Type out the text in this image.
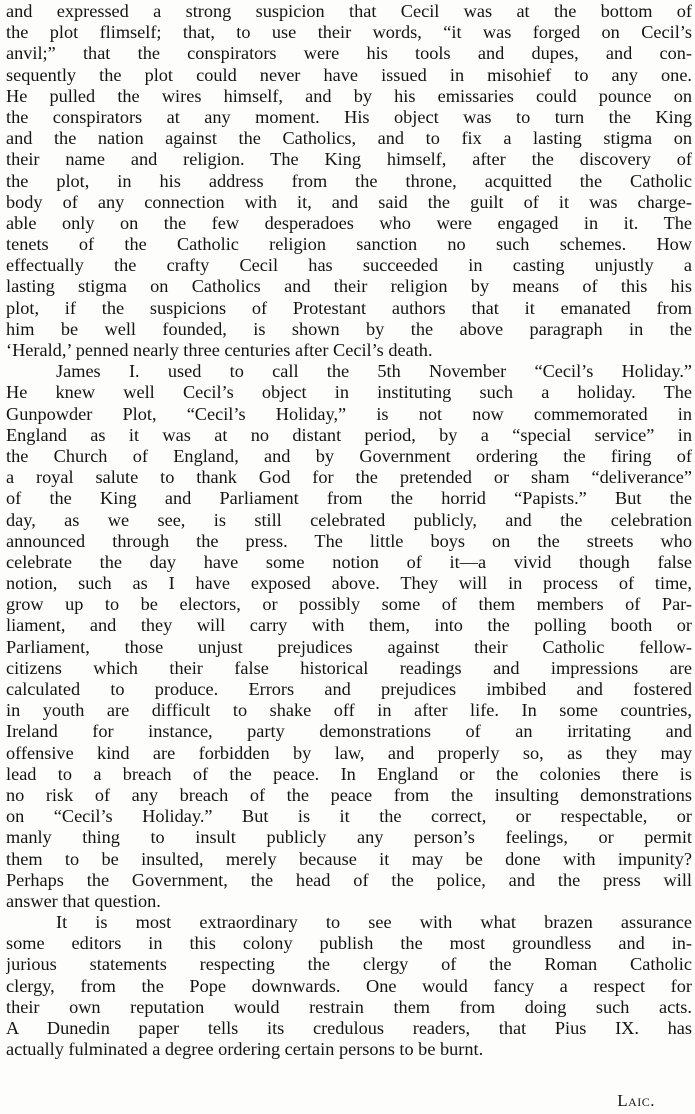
and expressed a strong suspicion that Cecil was at the bottom of
the plot flimself; that, to use their words, “it was forged on Cecil’s
anvil;” that the conspirators were his tools and dupes, and con-
sequently the plot could never have issued in misohief to any one.
He pulled the wires himself, and by his emissaries could pounce on
the conspirators at any moment. His object was to turn the King
and the nation against the Catholics, and to fix a lasting stigma on
their name and religion. The King himself, after the discovery of
the plot, in his address from the throne, acquitted the Catholic
body of any connection with it, and said the guilt of it was charge-
able only on the few desperadoes who were engaged in it. The
tenets of the Catholic religion sanction no such schemes. How
effectually the crafty Cecil has succeeded in casting unjustly a
lasting stigma on Catholics and their religion by means of this his
plot, if the suspicions of Protestant authors that it emanated from
him be well founded, is shown by the above paragraph in the
‘Herald,’ penned nearly three centuries after Cecil’s death.
James I. used to call the 5th November “Cecil’s Holiday.”
He knew well Cecil’s object in instituting such a holiday. The
Gunpowder Plot, “Cecil’s Holiday,” is not now commemorated in
England as it was at no distant period, by a “special service” in
the Church of England, and by Government ordering the firing of
a royal salute to thank God for the pretended or sham “deliverance”
of the King and Parliament from the horrid “Papists.” But the
day, as we see, is still celebrated publicly, and the celebration
announced through the press. The little boys on the streets who
celebrate the day have some notion of it—a vivid though false
notion, such as I have exposed above. They will in process of time,
grow up to be electors, or possibly some of them members of Par-
liament, and they will carry with them, into the polling booth or
Parliament, those unjust prejudices against their Catholic fellow-
citizens which their false historical readings and impressions are
calculated to produce. Errors and prejudices imbibed and fostered
in youth are difficult to shake off in after life. In some countries,
Ireland for instance, party demonstrations of an irritating and
offensive kind are forbidden by law, and properly so, as they may
lead to a breach of the peace. In England or the colonies there is
no risk of any breach of the peace from the insulting demonstrations
on “Cecil’s Holiday.” But is it the correct, or respectable, or
manly thing to insult publicly any person’s feelings, or permit
them to be insulted, merely because it may be done with impunity?
Perhaps the Government, the head of the police, and the press will
answer that question.
It is most extraordinary to see with what brazen assurance
some editors in this colony publish the most groundless and in-
jurious statements respecting the clergy of the Roman Catholic
clergy, from the Pope downwards. One would fancy a respect for
their own reputation would restrain them from doing such acts.
A Dunedin paper tells its credulous readers, that Pius IX. has
actually fulminated a degree ordering certain persons to be burnt.
Laic.
